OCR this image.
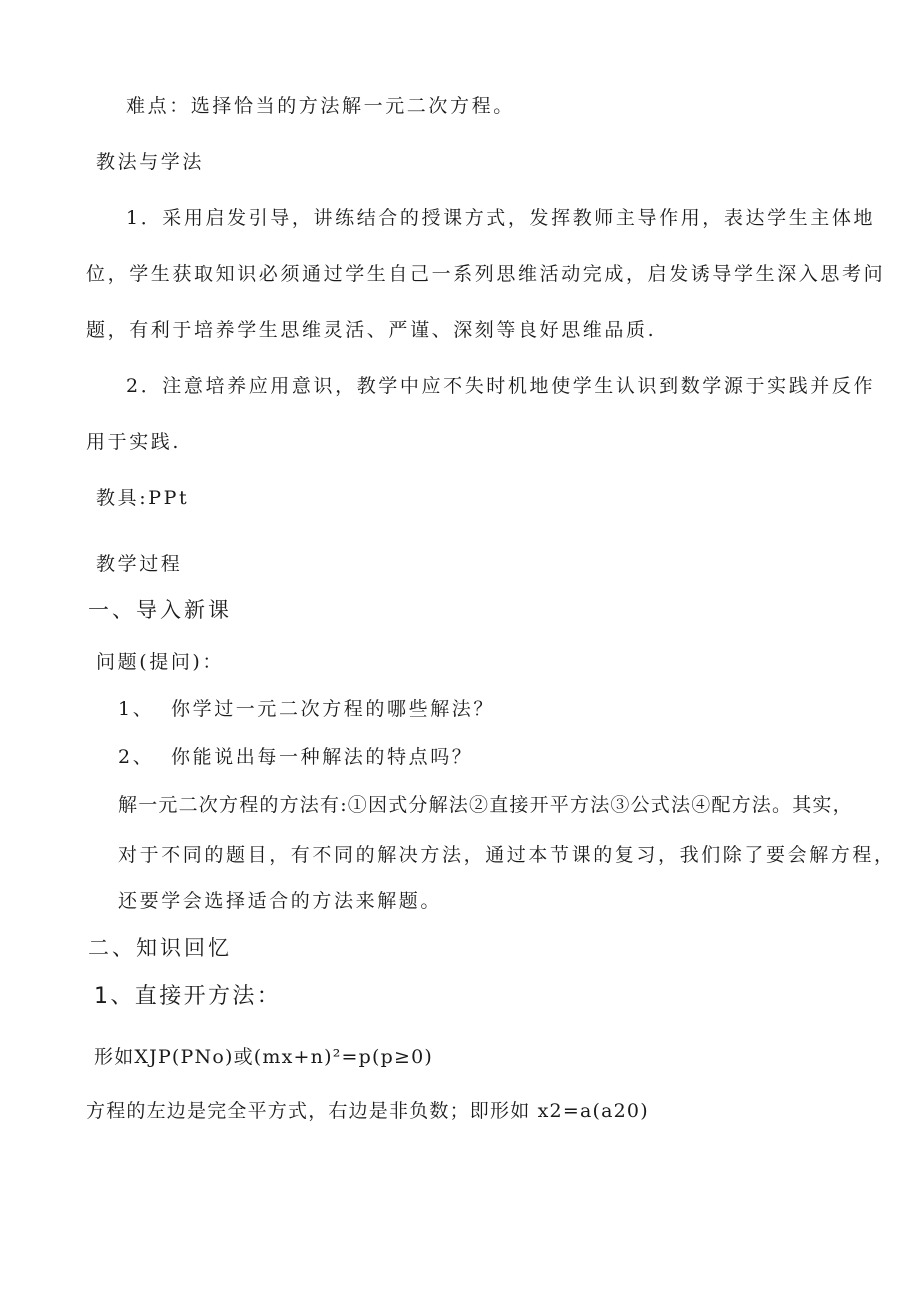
难点：选择恰当的方法解一元二次方程。
教法与学法
1．采用启发引导，讲练结合的授课方式，发挥教师主导作用，表达学生主体地
位，学生获取知识必须通过学生自己一系列思维活动完成，启发诱导学生深入思考问
题，有利于培养学生思维灵活、严谨、深刻等良好思维品质.
2．注意培养应用意识，教学中应不失时机地使学生认识到数学源于实践并反作
用于实践.
教具:PPt
教学过程
一、导入新课
问题(提问)：
1、 你学过一元二次方程的哪些解法？
2、 你能说出每一种解法的特点吗？
解一元二次方程的方法有:①因式分解法②直接开平方法③公式法④配方法。其实，
对于不同的题目，有不同的解决方法，通过本节课的复习，我们除了要会解方程，
还要学会选择适合的方法来解题。
二、知识回忆
1、直接开方法：
形如XJP(PNo)或(mx+n)²=p(p≥0)
方程的左边是完全平方式，右边是非负数；即形如 x2=a(a20)
